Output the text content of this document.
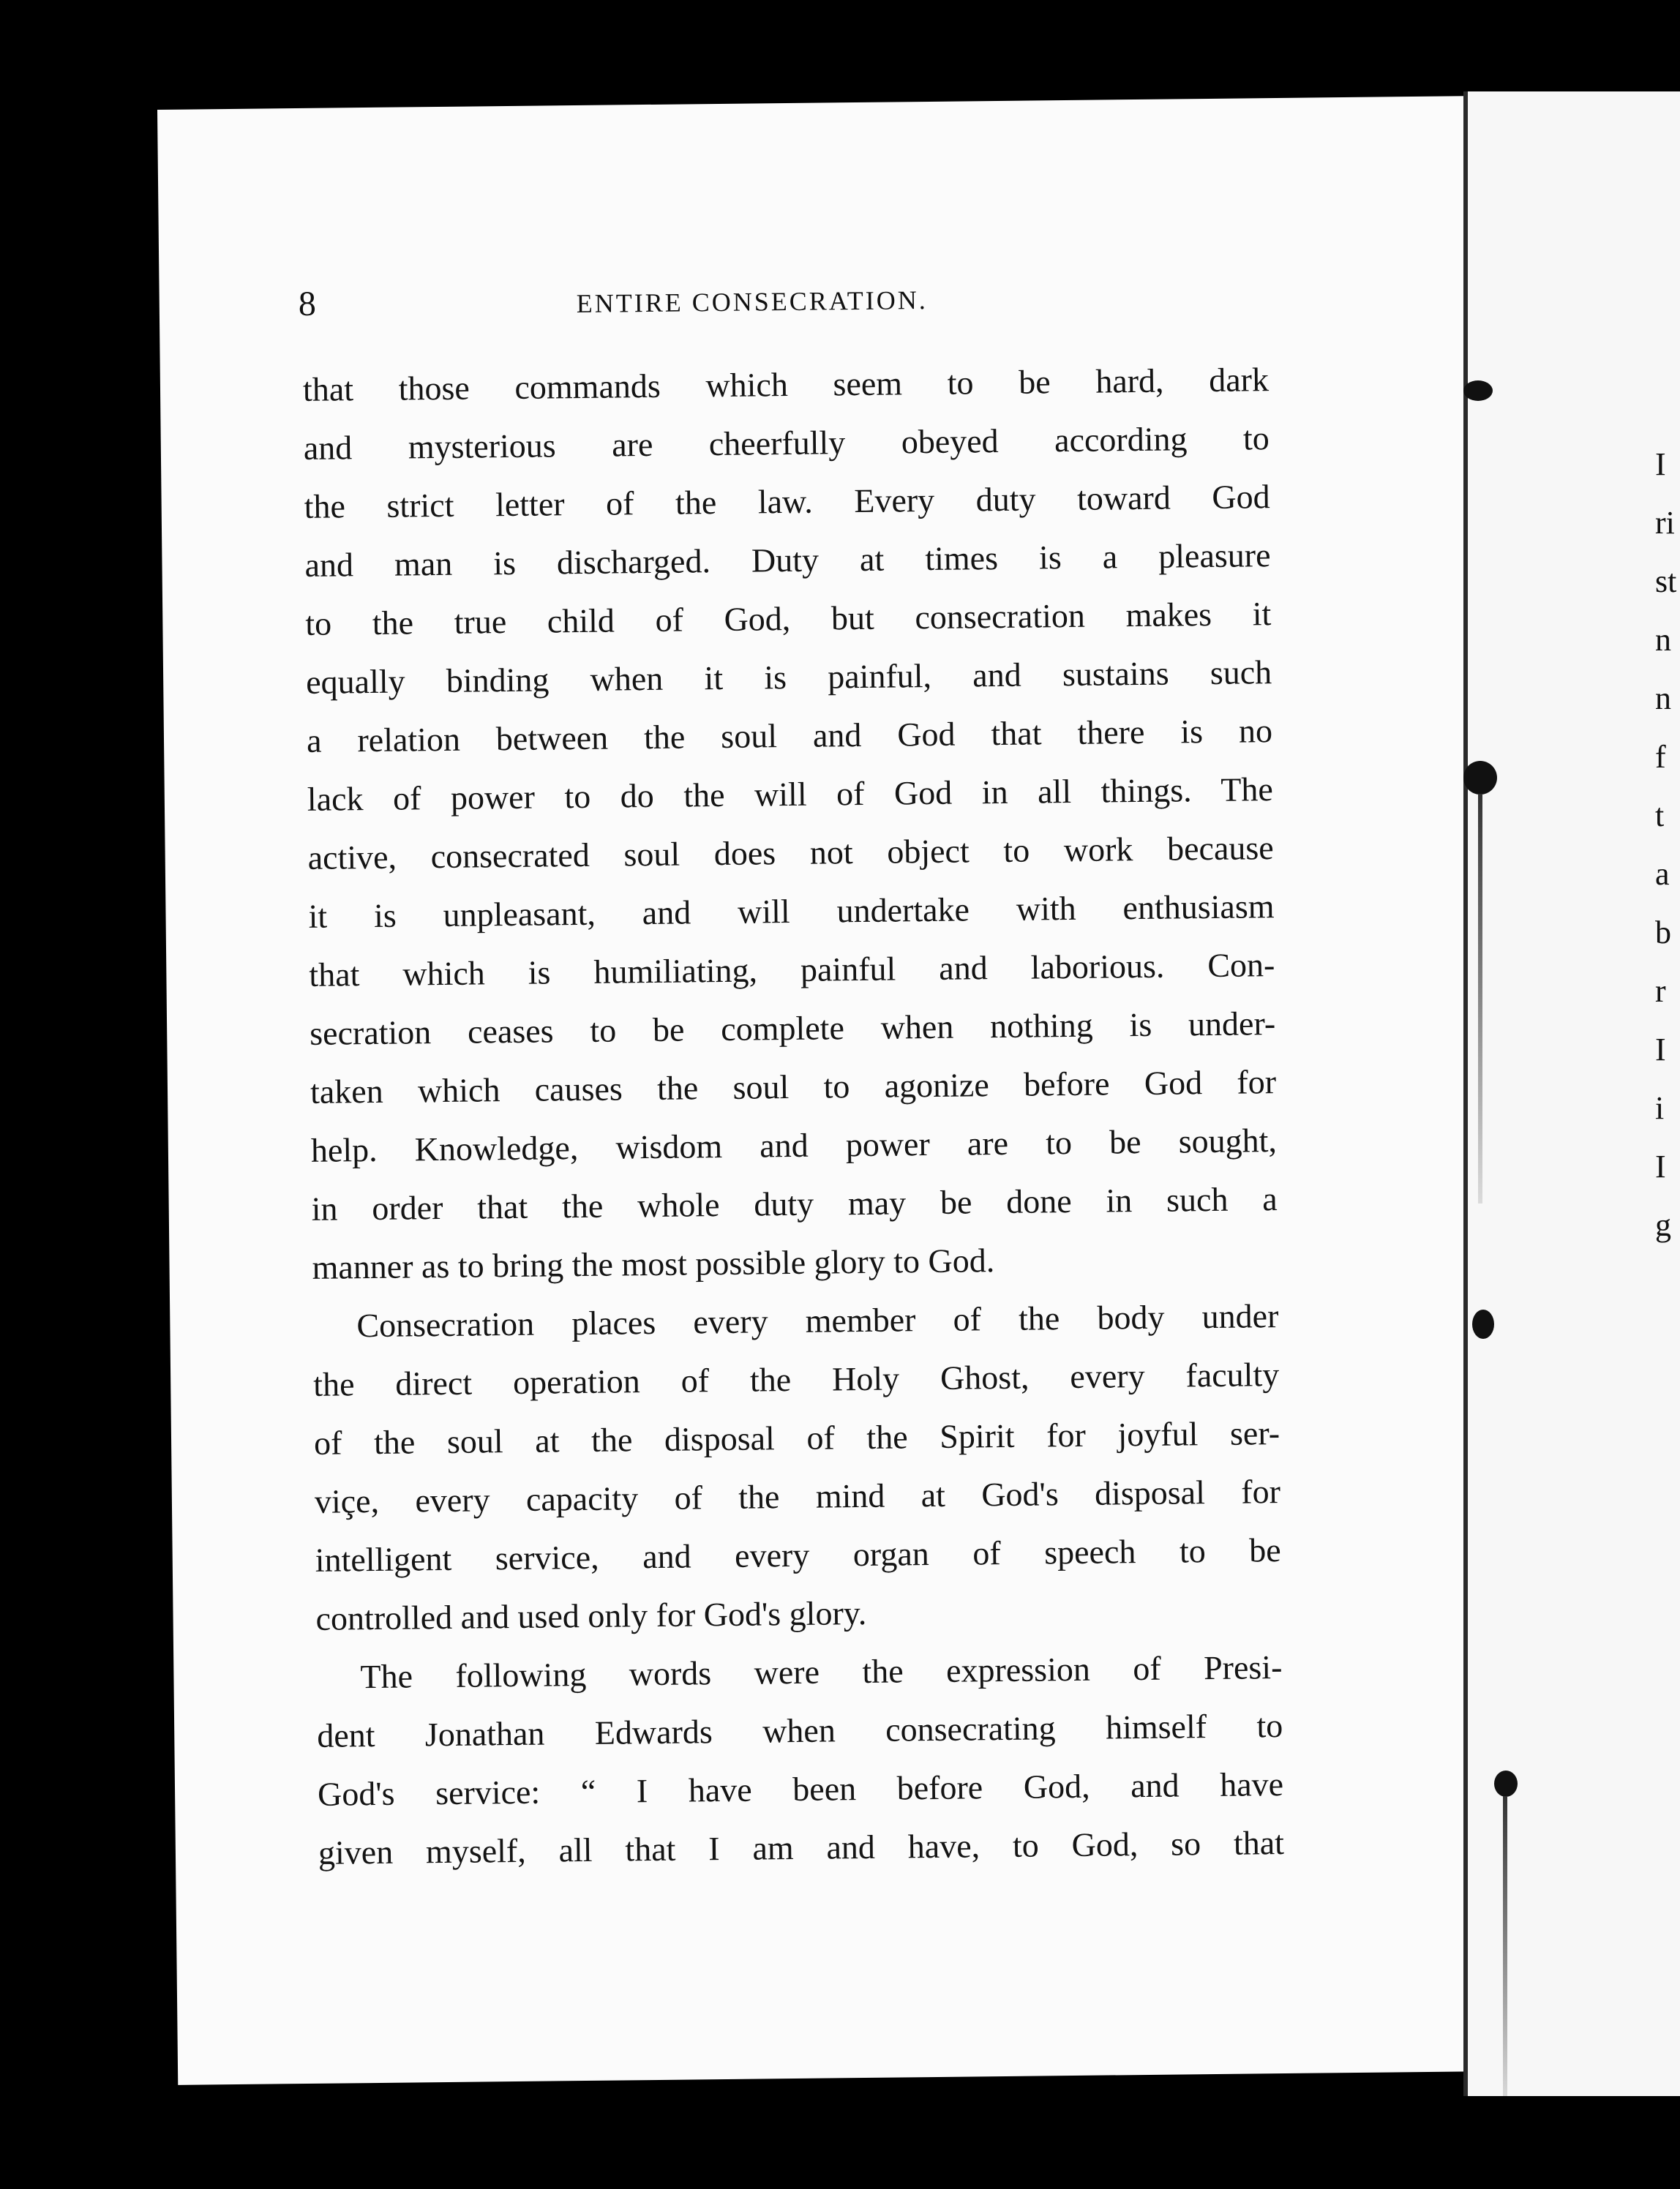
8	ENTIRE CONSECRATION.
that those commands which seem to be hard, dark
and mysterious are cheerfully obeyed according to
the strict letter of the law. Every duty toward God
and man is discharged. Duty at times is a pleasure
to the true child of God, but consecration makes it
equally binding when it is painful, and sustains such
a relation between the soul and God that there is no
lack of power to do the will of God in all things. The
active, consecrated soul does not object to work because
it is unpleasant, and will undertake with enthusiasm
that which is humiliating, painful and laborious. Con-
secration ceases to be complete when nothing is under-
taken which causes the soul to agonize before God for
help. Knowledge, wisdom and power are to be sought,
in order that the whole duty may be done in such a
manner as to bring the most possible glory to God.
Consecration places every member of the body under
the direct operation of the Holy Ghost, every faculty
of the soul at the disposal of the Spirit for joyful ser-
viçe, every capacity of the mind at God's disposal for
intelligent service, and every organ of speech to be
controlled and used only for God's glory.
The following words were the expression of Presi-
dent Jonathan Edwards when consecrating himself to
God's service: “ I have been before God, and have
given myself, all that I am and have, to God, so that
I
ri
st
n
n
f
t
a
b
r
I
i
I
g
